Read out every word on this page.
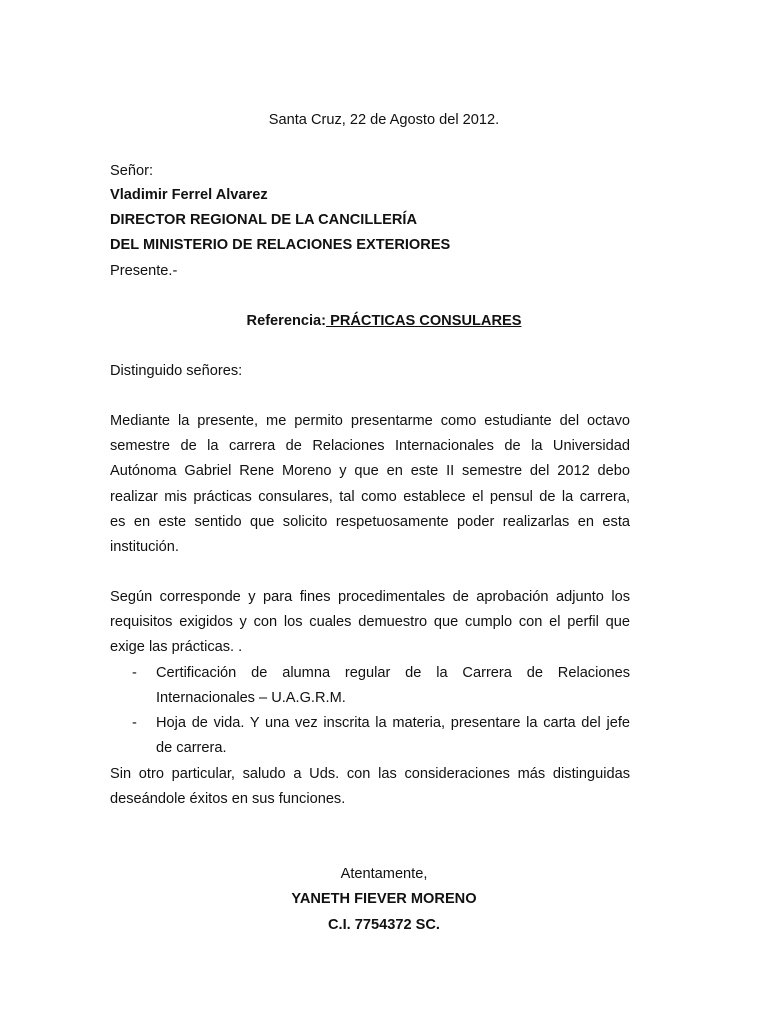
Santa Cruz, 22 de Agosto del 2012.
Señor:
Vladimir Ferrel Alvarez
DIRECTOR REGIONAL DE LA CANCILLERÍA
DEL MINISTERIO DE RELACIONES EXTERIORES
Presente.-
Referencia: PRÁCTICAS CONSULARES
Distinguido señores:
Mediante la presente, me permito presentarme como estudiante del octavo
semestre de la carrera de Relaciones Internacionales de la Universidad
Autónoma Gabriel Rene Moreno y que en este II semestre del 2012 debo
realizar mis prácticas consulares, tal como establece el pensul de la carrera,
es en este sentido que solicito respetuosamente poder realizarlas en esta
institución.
Según corresponde y para fines procedimentales de aprobación adjunto los
requisitos exigidos y con los cuales demuestro que cumplo con el perfil que
exige las prácticas. .
- Certificación de alumna regular de la Carrera de Relaciones
Internacionales – U.A.G.R.M.
- Hoja de vida. Y una vez inscrita la materia, presentare la carta del jefe
de carrera.
Sin otro particular, saludo a Uds. con las consideraciones más distinguidas
deseándole éxitos en sus funciones.
Atentamente,
YANETH FIEVER MORENO
C.I. 7754372 SC.
